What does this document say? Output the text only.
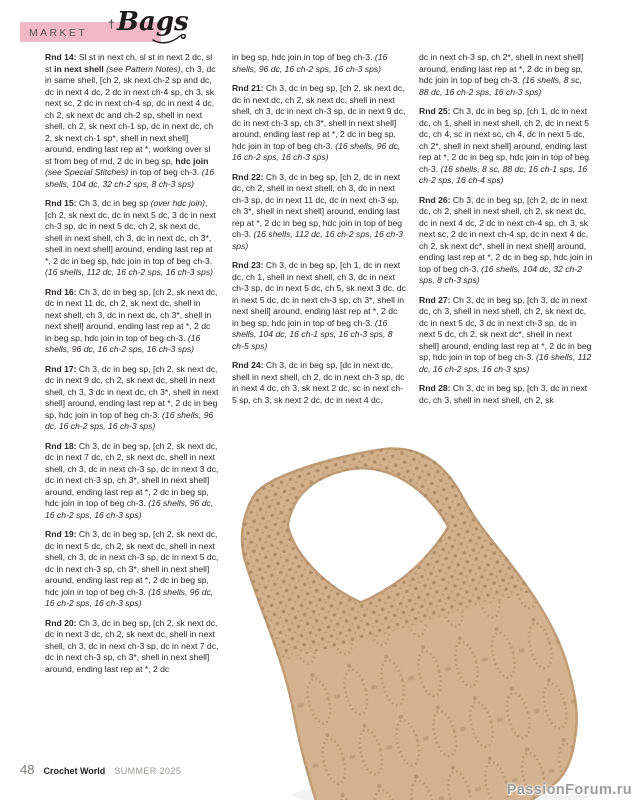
MARKET
† Bags

Rnd 14: Sl st in next ch, sl st in next 2 dc, sl st in next shell (see Pattern Notes), ch 3, dc in same shell, [ch 2, sk next ch-2 sp and dc, dc in next 4 dc, 2 dc in next ch-4 sp, ch 3, sk next sc, 2 dc in next ch-4 sp, dc in next 4 dc, ch 2, sk next dc and ch-2 sp, shell in next shell, ch 2, sk next ch-1 sp, dc in next dc, ch 2, sk next ch-1 sp*, shell in next shell] around, ending last rep at *, working over sl st from beg of rnd, 2 dc in beg sp, hdc join (see Special Stitches) in top of beg ch-3. (16 shells, 104 dc, 32 ch-2 sps, 8 ch-3 sps)

Rnd 15: Ch 3, dc in beg sp (over hdc join), [ch 2, sk next dc, dc in next 5 dc, 3 dc in next ch-3 sp, dc in next 5 dc, ch 2, sk next dc, shell in next shell, ch 3, dc in next dc, ch 3*, shell in next shell] around, ending last rep at *, 2 dc in beg sp, hdc join in top of beg ch-3. (16 shells, 112 dc, 16 ch-2 sps, 16 ch-3 sps)

Rnd 16: Ch 3, dc in beg sp, [ch 2, sk next dc, dc in next 11 dc, ch 2, sk next dc, shell in next shell, ch 3, dc in next dc, ch 3*, shell in next shell] around, ending last rep at *, 2 dc in beg sp, hdc join in top of beg ch-3. (16 shells, 96 dc, 16 ch-2 sps, 16 ch-3 sps)

Rnd 17: Ch 3, dc in beg sp, [ch 2, sk next dc, dc in next 9 dc, ch 2, sk next dc, shell in next shell, ch 3, 3 dc in next dc, ch 3*, shell in next shell] around, ending last rep at *, 2 dc in beg sp, hdc join in top of beg ch-3. (16 shells, 96 dc, 16 ch-2 sps, 16 ch-3 sps)

Rnd 18: Ch 3, dc in beg sp, [ch 2, sk next dc, dc in next 7 dc, ch 2, sk next dc, shell in next shell, ch 3, dc in next ch-3 sp, dc in next 3 dc, dc in next ch-3 sp, ch 3*, shell in next shell] around, ending last rep at *, 2 dc in beg sp, hdc join in top of beg ch-3. (16 shells, 96 dc, 16 ch-2 sps, 16 ch-3 sps)

Rnd 19: Ch 3, dc in beg sp, [ch 2, sk next dc, dc in next 5 dc, ch 2, sk next dc, shell in next shell, ch 3, dc in next ch-3 sp, dc in next 5 dc, dc in next ch-3 sp, ch 3*, shell in next shell] around, ending last rep at *, 2 dc in beg sp, hdc join in top of beg ch-3. (16 shells, 96 dc, 16 ch-2 sps, 16 ch-3 sps)

Rnd 20: Ch 3, dc in beg sp, [ch 2, sk next dc, dc in next 3 dc, ch 2, sk next dc, shell in next shell, ch 3, dc in next ch-3 sp, dc in next 7 dc, dc in next ch-3 sp, ch 3*, shell in next shell] around, ending last rep at *, 2 dc

in beg sp, hdc join in top of beg ch-3. (16 shells, 96 dc, 16 ch-2 sps, 16 ch-3 sps)

Rnd 21: Ch 3, dc in beg sp, [ch 2, sk next dc, dc in next dc, ch 2, sk next dc, shell in next shell, ch 3, dc in next ch-3 sp, dc in next 9 dc, dc in next ch-3 sp, ch 3*, shell in next shell] around, ending last rep at *, 2 dc in beg sp, hdc join in top of beg ch-3. (16 shells, 96 dc, 16 ch-2 sps, 16 ch-3 sps)

Rnd 22: Ch 3, dc in beg sp, [ch 2, dc in next dc, ch 2, shell in next shell, ch 3, dc in next ch-3 sp, dc in next 11 dc, dc in next ch-3 sp, ch 3*, shell in next shell] around, ending last rep at *, 2 dc in beg sp, hdc join in top of beg ch-3. (16 shells, 112 dc, 16 ch-2 sps, 16 ch-3 sps)

Rnd 23: Ch 3, dc in beg sp, [ch 1, dc in next dc, ch 1, shell in next shell, ch 3, dc in next ch-3 sp, dc in next 5 dc, ch 5, sk next 3 dc, dc in next 5 dc, dc in next ch-3 sp, ch 3*, shell in next shell] around, ending last rep at *, 2 dc in beg sp, hdc join in top of beg ch-3. (16 shells, 104 dc, 16 ch-1 sps, 16 ch-3 sps, 8 ch-5 sps)

Rnd 24: Ch 3, dc in beg sp, [dc in next dc, shell in next shell, ch 2, dc in next ch-3 sp, dc in next 4 dc, ch 3, sk next 2 dc, sc in next ch-5 sp, ch 3, sk next 2 dc, dc in next 4 dc,

dc in next ch-3 sp, ch 2*, shell in next shell] around, ending last rep at *, 2 dc in beg sp, hdc join in top of beg ch-3. (16 shells, 8 sc, 88 dc, 16 ch-2 sps, 16 ch-3 sps)

Rnd 25: Ch 3, dc in beg sp, [ch 1, dc in next dc, ch 1, shell in next shell, ch 2, dc in next 5 dc, ch 4, sc in next sc, ch 4, dc in next 5 dc, ch 2*, shell in next shell] around, ending last rep at *, 2 dc in beg sp, hdc join in top of beg ch-3. (16 shells, 8 sc, 88 dc, 16 ch-1 sps, 16 ch-2 sps, 16 ch-4 sps)

Rnd 26: Ch 3, dc in beg sp, [ch 2, dc in next dc, ch 2, shell in next shell, ch 2, sk next dc, dc in next 4 dc, 2 dc in next ch-4 sp, ch 3, sk next sc, 2 dc in next ch-4 sp, dc in next 4 dc, ch 2, sk next dc*, shell in next shell] around, ending last rep at *, 2 dc in beg sp, hdc join in top of beg ch-3. (16 shells, 104 dc, 32 ch-2 sps, 8 ch-3 sps)

Rnd 27: Ch 3, dc in beg sp, [ch 3, dc in next dc, ch 3, shell in next shell, ch 2, sk next dc, dc in next 5 dc, 3 dc in next ch-3 sp, dc in next 5 dc, ch 2, sk next dc*, shell in next shell] around, ending last rep at *, 2 dc in beg sp, hdc join in top of beg ch-3. (16 shells, 112 dc, 16 ch-2 sps, 16 ch-3 sps)

Rnd 28: Ch 3, dc in beg sp, [ch 3, dc in next dc, ch 3, shell in next shell, ch 2, sk

PassionForum.ru
48 Crochet World SUMMER 2025
